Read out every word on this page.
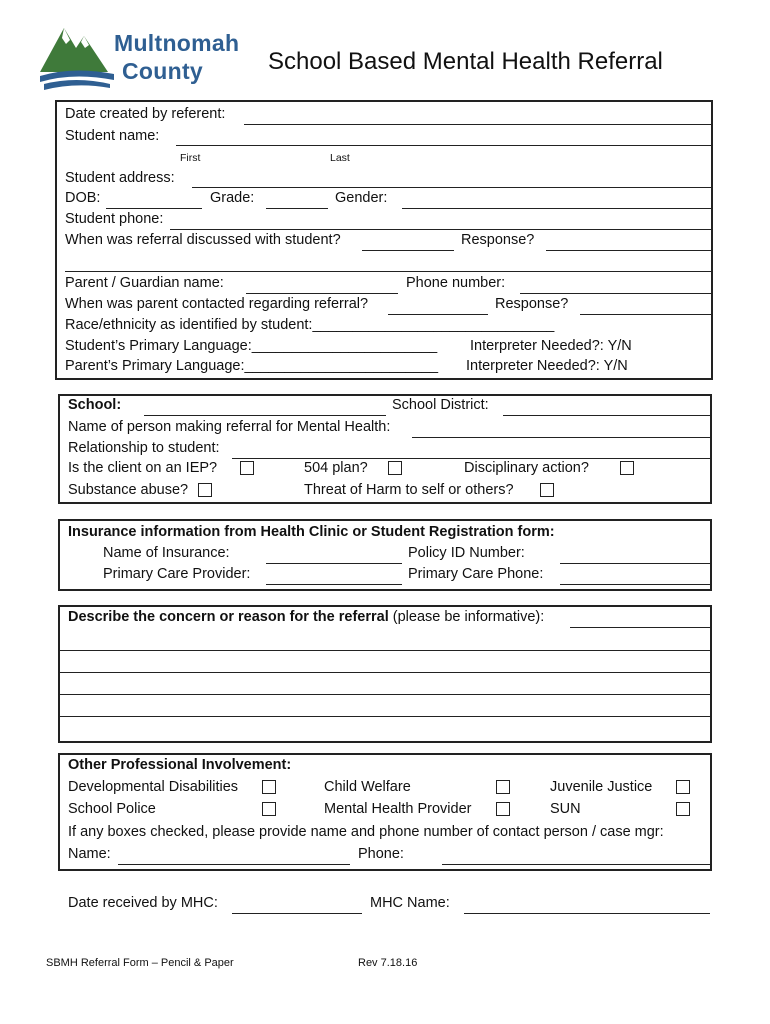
Multnomah
County	School Based Mental Health Referral
Date created by referent:
Student name:
First	Last
Student address:
DOB:	Grade:	Gender:
Student phone:
When was referral discussed with student?	Response?
Parent / Guardian name:	Phone number:
When was parent contacted regarding referral?	Response?
Race/ethnicity as identified by student:______________________________
Student’s Primary Language:_______________________ Interpreter Needed?: Y/N
Parent’s Primary Language:________________________ Interpreter Needed?: Y/N
School:	School District:
Name of person making referral for Mental Health:
Relationship to student:
Is the client on an IEP?	504 plan?	Disciplinary action?
Substance abuse?	Threat of Harm to self or others?
Insurance information from Health Clinic or Student Registration form:
Name of Insurance:	Policy ID Number:
Primary Care Provider:	Primary Care Phone:
Describe the concern or reason for the referral (please be informative):
Other Professional Involvement:
Developmental Disabilities	Child Welfare	Juvenile Justice
School Police	Mental Health Provider	SUN
If any boxes checked, please provide name and phone number of contact person / case mgr:
Name:	Phone:
Date received by MHC:	MHC Name:
SBMH Referral Form – Pencil & Paper	Rev 7.18.16
